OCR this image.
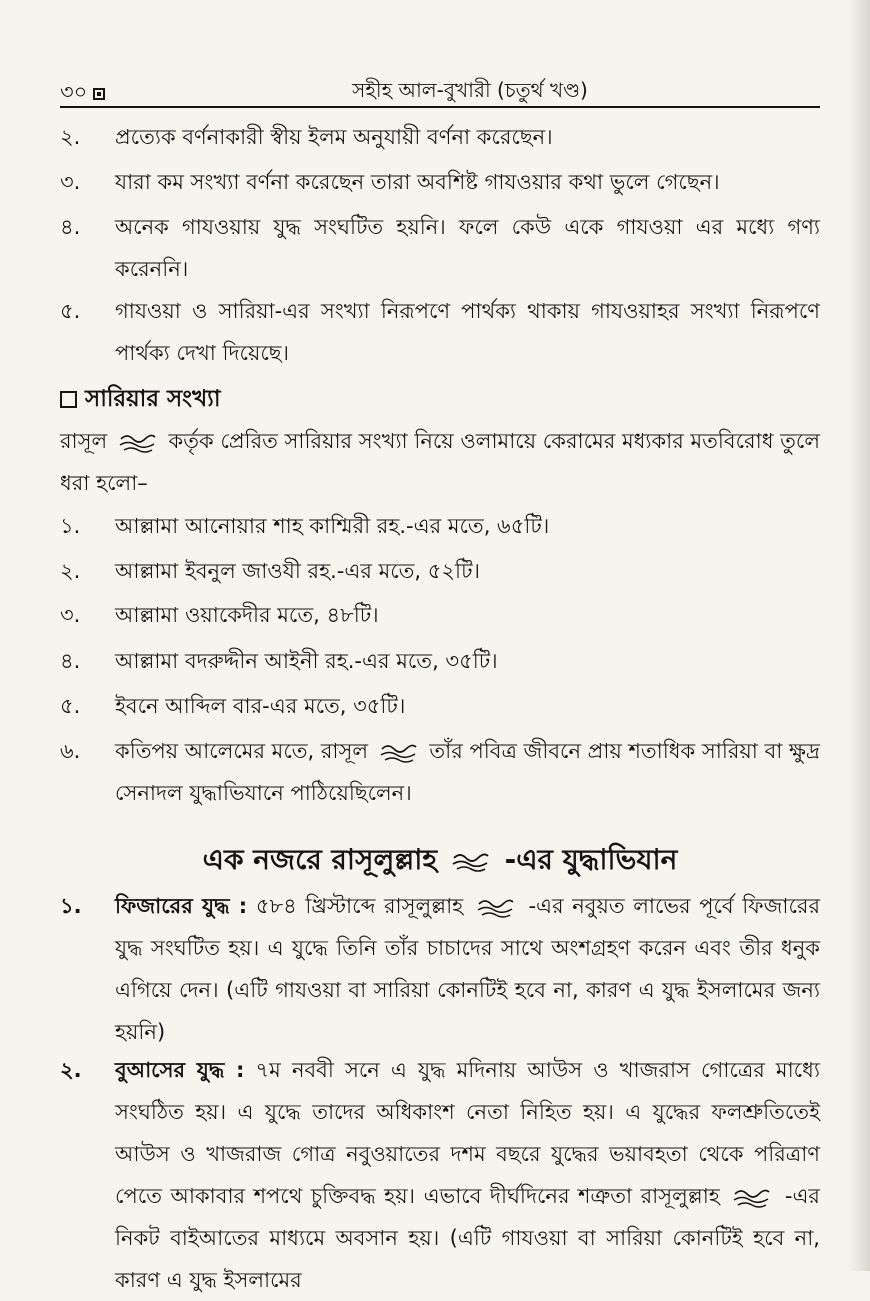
৩০	সহীহ আল-বুখারী (চতুর্থ খণ্ড)
২.	প্রত্যেক বর্ণনাকারী স্বীয় ইলম অনুযায়ী বর্ণনা করেছেন।
৩.	যারা কম সংখ্যা বর্ণনা করেছেন তারা অবশিষ্ট গাযওয়ার কথা ভুলে গেছেন।
৪.	অনেক গাযওয়ায় যুদ্ধ সংঘটিত হয়নি। ফলে কেউ একে গাযওয়া এর মধ্যে গণ্য করেননি।
৫.	গাযওয়া ও সারিয়া-এর সংখ্যা নিরূপণে পার্থক্য থাকায় গাযওয়াহর সংখ্যা নিরূপণে পার্থক্য দেখা দিয়েছে।
সারিয়ার সংখ্যা
রাসূল	কর্তৃক প্রেরিত সারিয়ার সংখ্যা নিয়ে ওলামায়ে কেরামের মধ্যকার মতবিরোধ তুলে ধরা হলো–
১.	আল্লামা আনোয়ার শাহ কাশ্মিরী রহ.-এর মতে, ৬৫টি।
২.	আল্লামা ইবনুল জাওযী রহ.-এর মতে, ৫২টি।
৩.	আল্লামা ওয়াকেদীর মতে, ৪৮টি।
৪.	আল্লামা বদরুদ্দীন আইনী রহ.-এর মতে, ৩৫টি।
৫.	ইবনে আব্দিল বার-এর মতে, ৩৫টি।
৬.	কতিপয় আলেমের মতে, রাসূল	তাঁর পবিত্র জীবনে প্রায় শতাধিক সারিয়া বা ক্ষুদ্র সেনাদল যুদ্ধাভিযানে পাঠিয়েছিলেন।
এক নজরে রাসূলুল্লাহ -এর যুদ্ধাভিযান
১.	ফিজারের যুদ্ধ : ৫৮৪ খ্রিস্টাব্দে রাসূলুল্লাহ	-এর নবুয়ত লাভের পূর্বে ফিজারের যুদ্ধ সংঘটিত হয়। এ যুদ্ধে তিনি তাঁর চাচাদের সাথে অংশগ্রহণ করেন এবং তীর ধনুক এগিয়ে দেন। (এটি গাযওয়া বা সারিয়া কোনটিই হবে না, কারণ এ যুদ্ধ ইসলামের জন্য হয়নি)
২.	বুআসের যুদ্ধ : ৭ম নববী সনে এ যুদ্ধ মদিনায় আউস ও খাজরাস গোত্রের মাধ্যে সংঘঠিত হয়। এ যুদ্ধে তাদের অধিকাংশ নেতা নিহিত হয়। এ যুদ্ধের ফলশ্রুতিতেই আউস ও খাজরাজ গোত্র নবুওয়াতের দশম বছরে যুদ্ধের ভয়াবহতা থেকে পরিত্রাণ পেতে আকাবার শপথে চুক্তিবদ্ধ হয়। এভাবে দীর্ঘদিনের শত্রুতা রাসূলুল্লাহ	-এর নিকট বাইআতের মাধ্যমে অবসান হয়। (এটি গাযওয়া বা সারিয়া কোনটিই হবে না, কারণ এ যুদ্ধ ইসলামের
